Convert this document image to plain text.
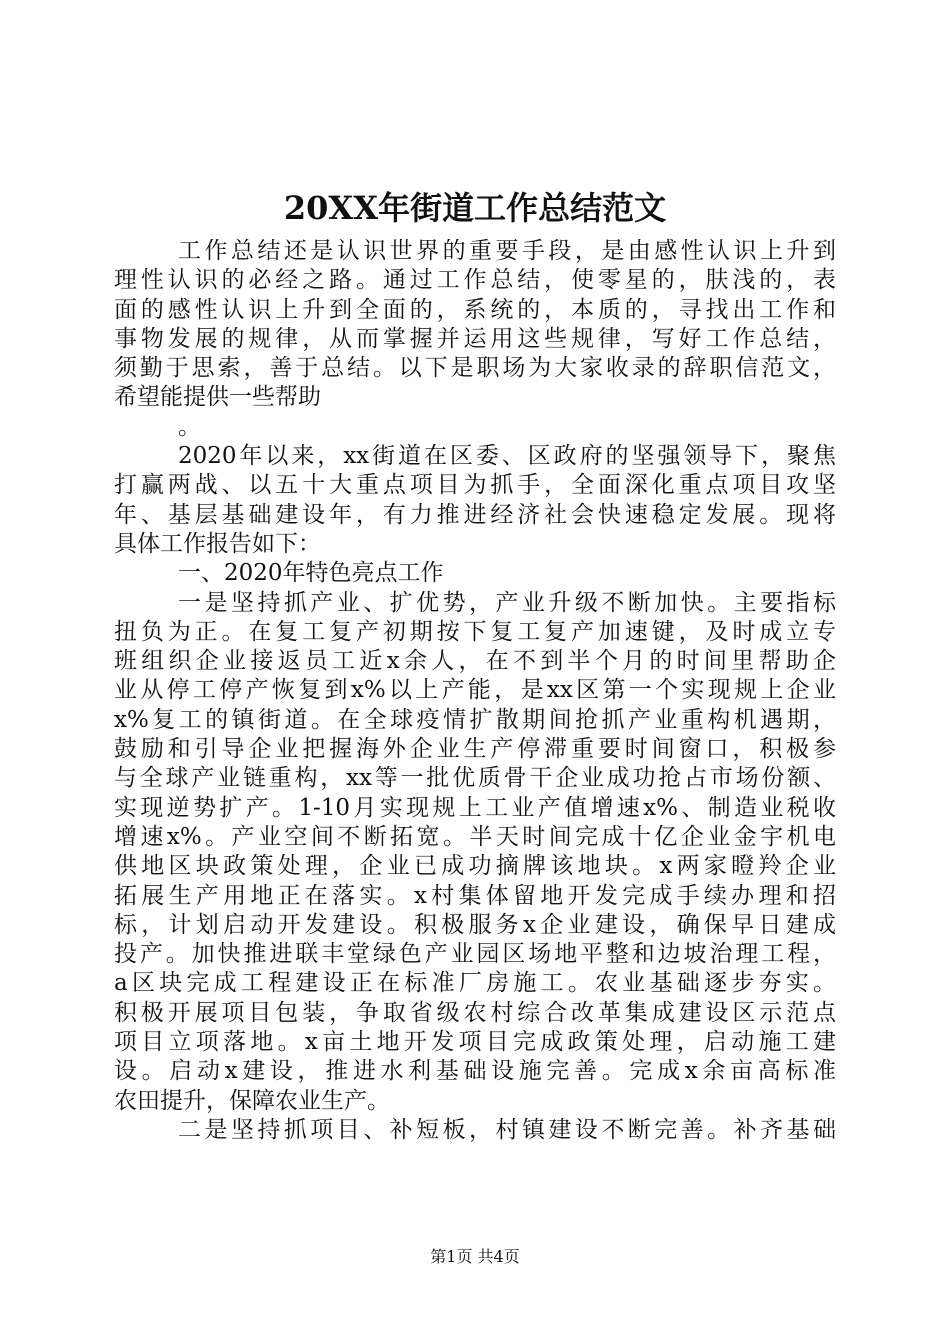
20XX年街道工作总结范文
工作总结还是认识世界的重要手段，是由感性认识上升到
理性认识的必经之路。通过工作总结，使零星的，肤浅的，表
面的感性认识上升到全面的，系统的，本质的，寻找出工作和
事物发展的规律，从而掌握并运用这些规律，写好工作总结，
须勤于思索，善于总结。以下是职场为大家收录的辞职信范文，
希望能提供一些帮助
。
2020年以来，xx街道在区委、区政府的坚强领导下，聚焦
打赢两战、以五十大重点项目为抓手，全面深化重点项目攻坚
年、基层基础建设年，有力推进经济社会快速稳定发展。现将
具体工作报告如下：
一、2020年特色亮点工作
一是坚持抓产业、扩优势，产业升级不断加快。主要指标
扭负为正。在复工复产初期按下复工复产加速键，及时成立专
班组织企业接返员工近x余人，在不到半个月的时间里帮助企
业从停工停产恢复到x%以上产能，是xx区第一个实现规上企业
x%复工的镇街道。在全球疫情扩散期间抢抓产业重构机遇期，
鼓励和引导企业把握海外企业生产停滞重要时间窗口，积极参
与全球产业链重构，xx等一批优质骨干企业成功抢占市场份额、
实现逆势扩产。1-10月实现规上工业产值增速x%、制造业税收
增速x%。产业空间不断拓宽。半天时间完成十亿企业金宇机电
供地区块政策处理，企业已成功摘牌该地块。x两家瞪羚企业
拓展生产用地正在落实。x村集体留地开发完成手续办理和招
标，计划启动开发建设。积极服务x企业建设，确保早日建成
投产。加快推进联丰堂绿色产业园区场地平整和边坡治理工程，
a区块完成工程建设正在标准厂房施工。农业基础逐步夯实。
积极开展项目包装，争取省级农村综合改革集成建设区示范点
项目立项落地。x亩土地开发项目完成政策处理，启动施工建
设。启动x建设，推进水利基础设施完善。完成x余亩高标准
农田提升，保障农业生产。
二是坚持抓项目、补短板，村镇建设不断完善。补齐基础
第1页 共4页
